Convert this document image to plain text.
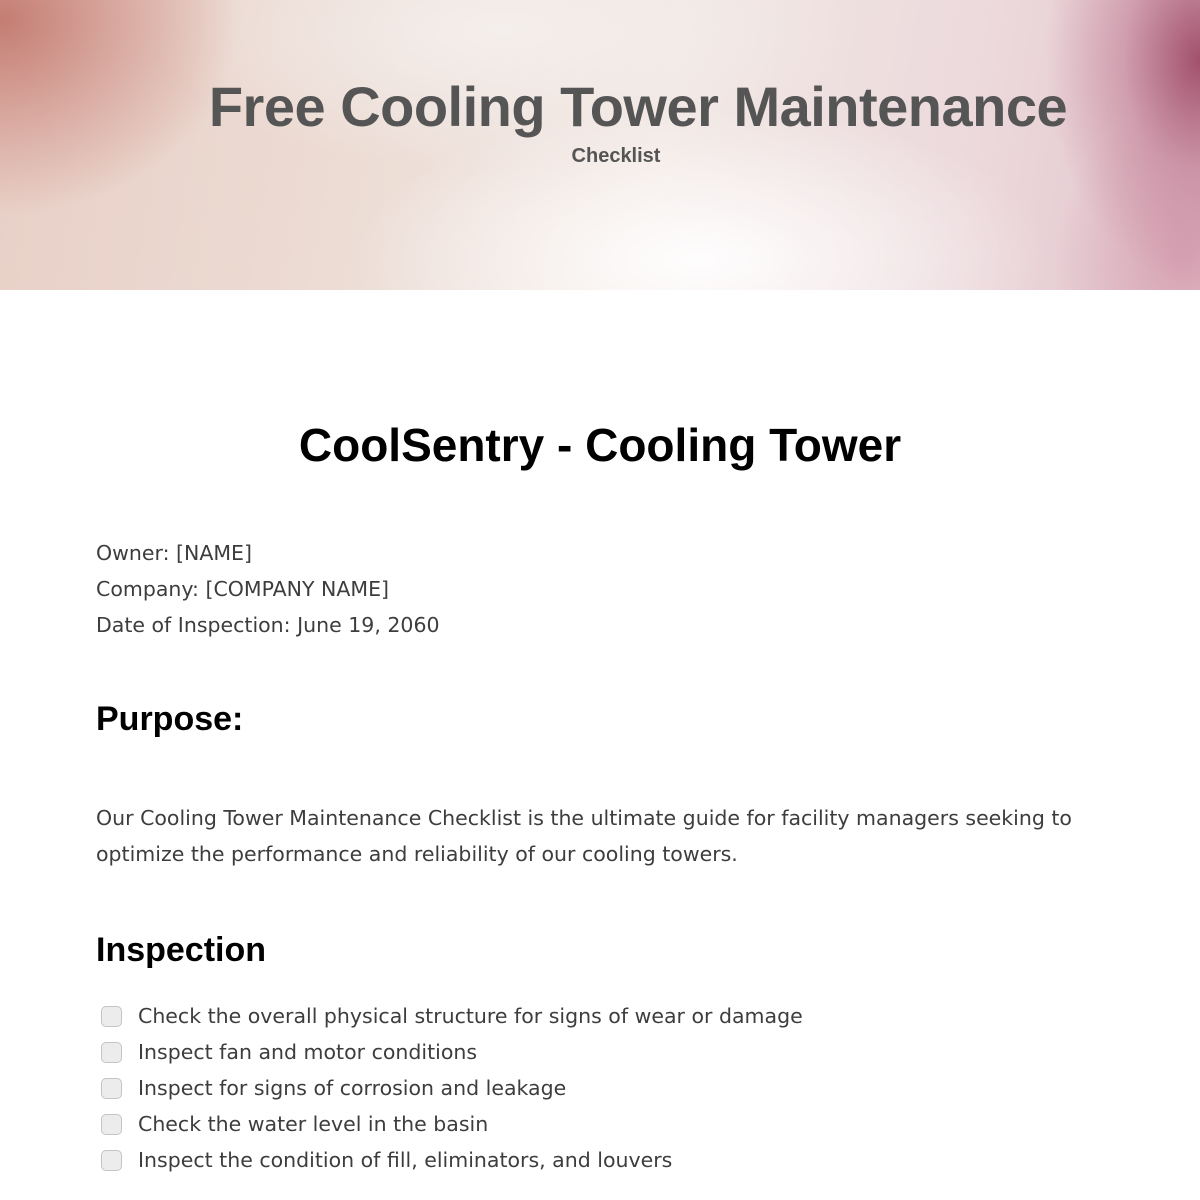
Free Cooling Tower Maintenance
Checklist
CoolSentry - Cooling Tower
Owner: [NAME]
Company: [COMPANY NAME]
Date of Inspection: June 19, 2060
Purpose:

Our Cooling Tower Maintenance Checklist is the ultimate guide for facility managers seeking to optimize the performance and reliability of our cooling towers.

Inspection
Check the overall physical structure for signs of wear or damage
Inspect fan and motor conditions
Inspect for signs of corrosion and leakage
Check the water level in the basin
Inspect the condition of fill, eliminators, and louvers
